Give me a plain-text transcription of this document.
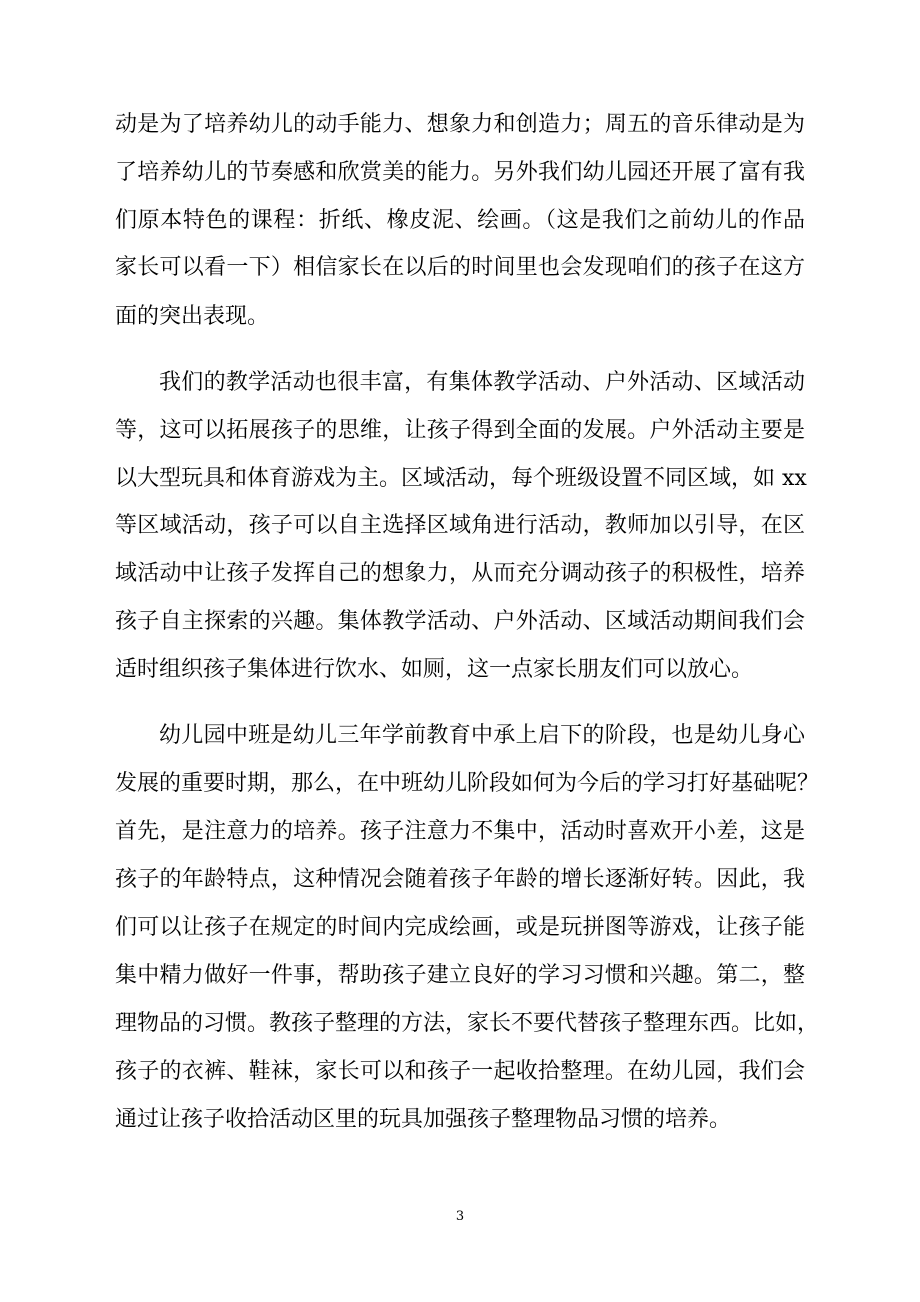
动是为了培养幼儿的动手能力、想象力和创造力；周五的音乐律动是为
了培养幼儿的节奏感和欣赏美的能力。另外我们幼儿园还开展了富有我
们原本特色的课程：折纸、橡皮泥、绘画。（这是我们之前幼儿的作品
家长可以看一下）相信家长在以后的时间里也会发现咱们的孩子在这方
面的突出表现。
我们的教学活动也很丰富，有集体教学活动、户外活动、区域活动
等，这可以拓展孩子的思维，让孩子得到全面的发展。户外活动主要是
以大型玩具和体育游戏为主。区域活动，每个班级设置不同区域，如 xx
等区域活动，孩子可以自主选择区域角进行活动，教师加以引导，在区
域活动中让孩子发挥自己的想象力，从而充分调动孩子的积极性，培养
孩子自主探索的兴趣。集体教学活动、户外活动、区域活动期间我们会
适时组织孩子集体进行饮水、如厕，这一点家长朋友们可以放心。
幼儿园中班是幼儿三年学前教育中承上启下的阶段，也是幼儿身心
发展的重要时期，那么，在中班幼儿阶段如何为今后的学习打好基础呢？
首先，是注意力的培养。孩子注意力不集中，活动时喜欢开小差，这是
孩子的年龄特点，这种情况会随着孩子年龄的增长逐渐好转。因此，我
们可以让孩子在规定的时间内完成绘画，或是玩拼图等游戏，让孩子能
集中精力做好一件事，帮助孩子建立良好的学习习惯和兴趣。第二，整
理物品的习惯。教孩子整理的方法，家长不要代替孩子整理东西。比如，
孩子的衣裤、鞋袜，家长可以和孩子一起收拾整理。在幼儿园，我们会
通过让孩子收拾活动区里的玩具加强孩子整理物品习惯的培养。
3
